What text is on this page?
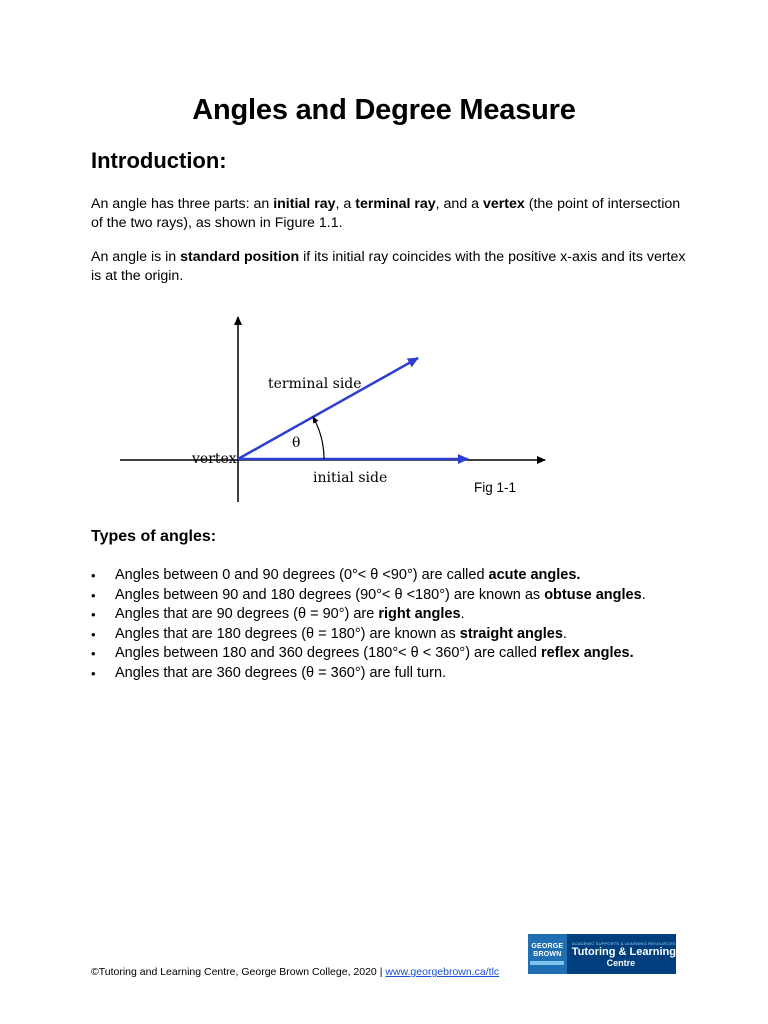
Angles and Degree Measure
Introduction:

An angle has three parts: an initial ray, a terminal ray, and a vertex (the point of intersection of the two rays), as shown in Figure 1.1.

An angle is in standard position if its initial ray coincides with the positive x-axis and its vertex is at the origin.

terminal side
θ
vertex
initial side

Fig 1-1

Types of angles:
• Angles between 0 and 90 degrees (0°< θ <90°) are called acute angles.
• Angles between 90 and 180 degrees (90°< θ <180°) are known as obtuse angles.
• Angles that are 90 degrees (θ = 90°) are right angles.
• Angles that are 180 degrees (θ = 180°) are known as straight angles.
• Angles between 180 and 360 degrees (180°< θ < 360°) are called reflex angles.
• Angles that are 360 degrees (θ = 360°) are full turn.

©Tutoring and Learning Centre, George Brown College, 2020 | www.georgebrown.ca/tlc

GEORGE
BROWN
ACADEMIC SUPPORTS & LEARNING RESOURCES
Tutoring & Learning
Centre
